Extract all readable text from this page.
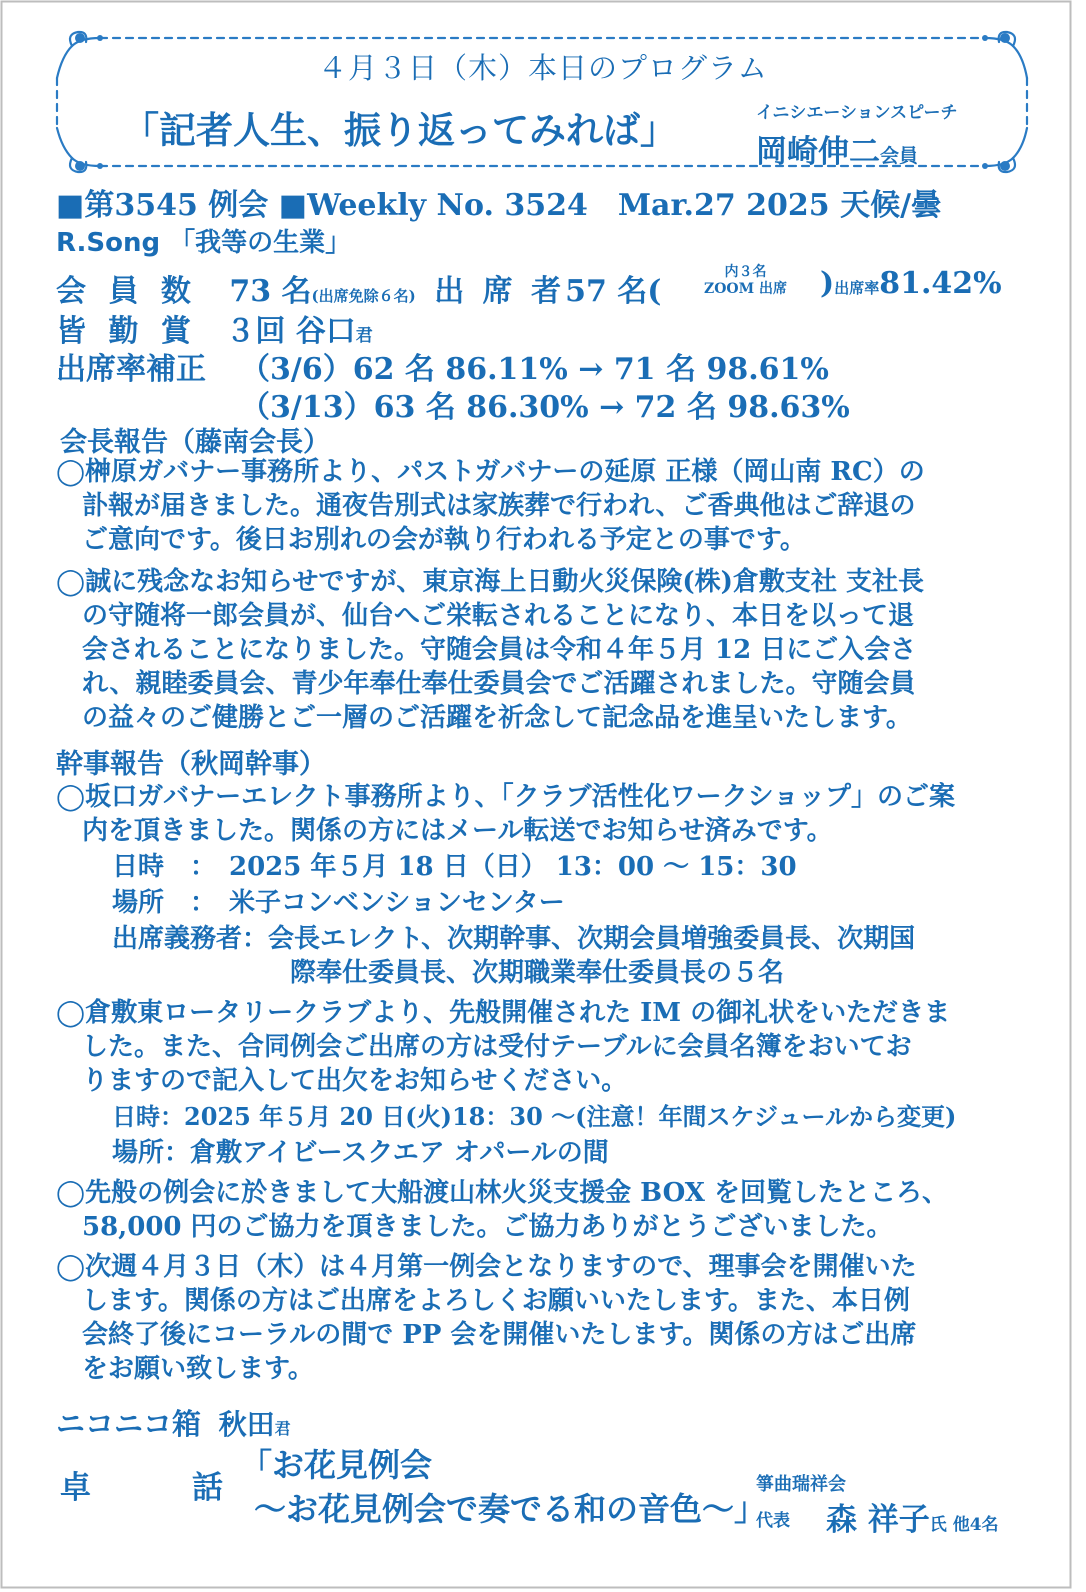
４月３日（木）本日のプログラム
「記者人生、振り返ってみれば」	イニシエーションスピーチ
岡崎伸二会員
■第3545 例会 ■Weekly No. 3524　Mar.27 2025 天候/曇
R.Song 「我等の生業」
会 員 数 73 名(出席免除６名) 出 席 者57 名(
内３名
ZOOM 出席 )出席率81.42%
皆 勤 賞 ３回 谷口君
出席率補正 （3/6）62 名 86.11% → 71 名 98.61%
（3/13）63 名 86.30% → 72 名 98.63%
会長報告（藤南会長）
◯榊原ガバナー事務所より、パストガバナーの延原 正様（岡山南 RC）の
訃報が届きました。通夜告別式は家族葬で行われ、ご香典他はご辞退の
ご意向です。後日お別れの会が執り行われる予定との事です。
◯誠に残念なお知らせですが、東京海上日動火災保険(株)倉敷支社 支社長
の守随将一郎会員が、仙台へご栄転されることになり、本日を以って退
会されることになりました。守随会員は令和４年５月 12 日にご入会さ
れ、親睦委員会、青少年奉仕奉仕委員会でご活躍されました。守随会員
の益々のご健勝とご一層のご活躍を祈念して記念品を進呈いたします。
幹事報告（秋岡幹事）
◯坂口ガバナーエレクト事務所より、「クラブ活性化ワークショップ」のご案
内を頂きました。関係の方にはメール転送でお知らせ済みです。
日時　：　2025 年５月 18 日（日） 13：00 〜 15：30
場所　：　米子コンベンションセンター
出席義務者：会長エレクト、次期幹事、次期会員増強委員長、次期国
際奉仕委員長、次期職業奉仕委員長の５名
◯倉敷東ロータリークラブより、先般開催された IM の御礼状をいただきま
した。また、合同例会ご出席の方は受付テーブルに会員名簿をおいてお
りますので記入して出欠をお知らせください。
日時：2025 年５月 20 日(火)18：30 〜(注意！年間スケジュールから変更)
場所：倉敷アイビースクエア オパールの間
◯先般の例会に於きまして大船渡山林火災支援金 BOX を回覧したところ、
58,000 円のご協力を頂きました。ご協力ありがとうございました。
◯次週４月３日（木）は４月第一例会となりますので、理事会を開催いた
します。関係の方はご出席をよろしくお願いいたします。また、本日例
会終了後にコーラルの間で PP 会を開催いたします。関係の方はご出席
をお願い致します。
ニコニコ箱 秋田君
卓	話
「お花見例会
〜お花見例会で奏でる和の音色〜」
箏曲瑞祥会
代表 森 祥子氏 他4名
